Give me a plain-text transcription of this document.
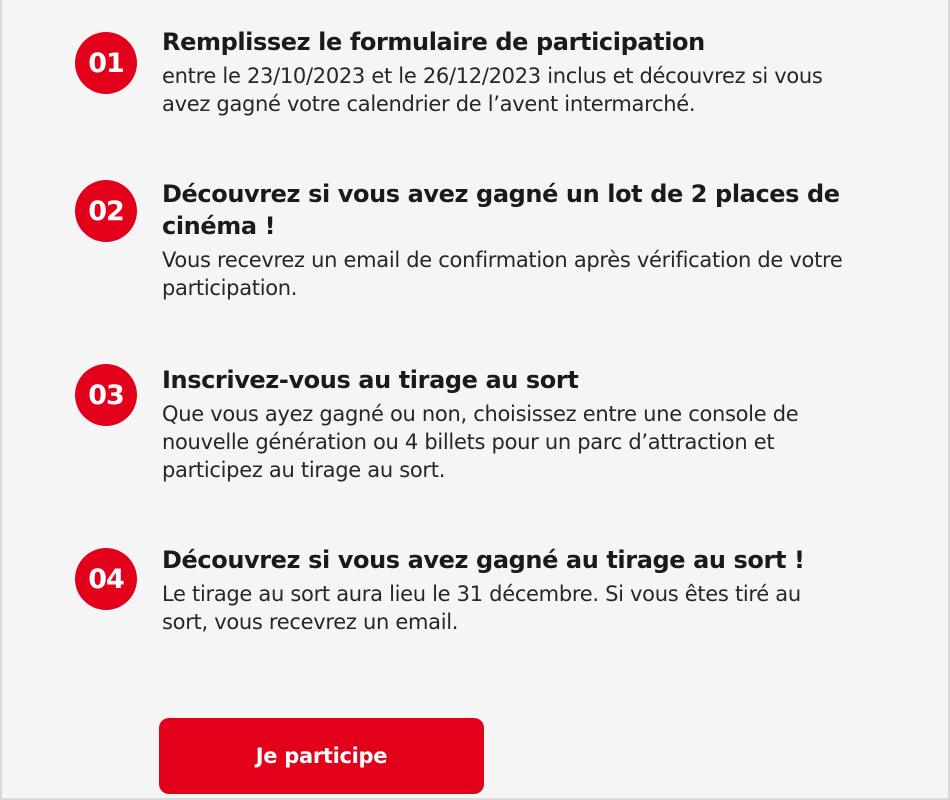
01
Remplissez le formulaire de participation
entre le 23/10/2023 et le 26/12/2023 inclus et découvrez si vous avez gagné votre calendrier de l’avent intermarché.
02
Découvrez si vous avez gagné un lot de 2 places de cinéma !
Vous recevrez un email de confirmation après vérification de votre participation.
03	Inscrivez-vous au tirage au sort
Que vous ayez gagné ou non, choisissez entre une console de nouvelle génération ou 4 billets pour un parc d’attraction et participez au tirage au sort.
04
Découvrez si vous avez gagné au tirage au sort !
Le tirage au sort aura lieu le 31 décembre. Si vous êtes tiré au sort, vous recevrez un email.
Je participe
